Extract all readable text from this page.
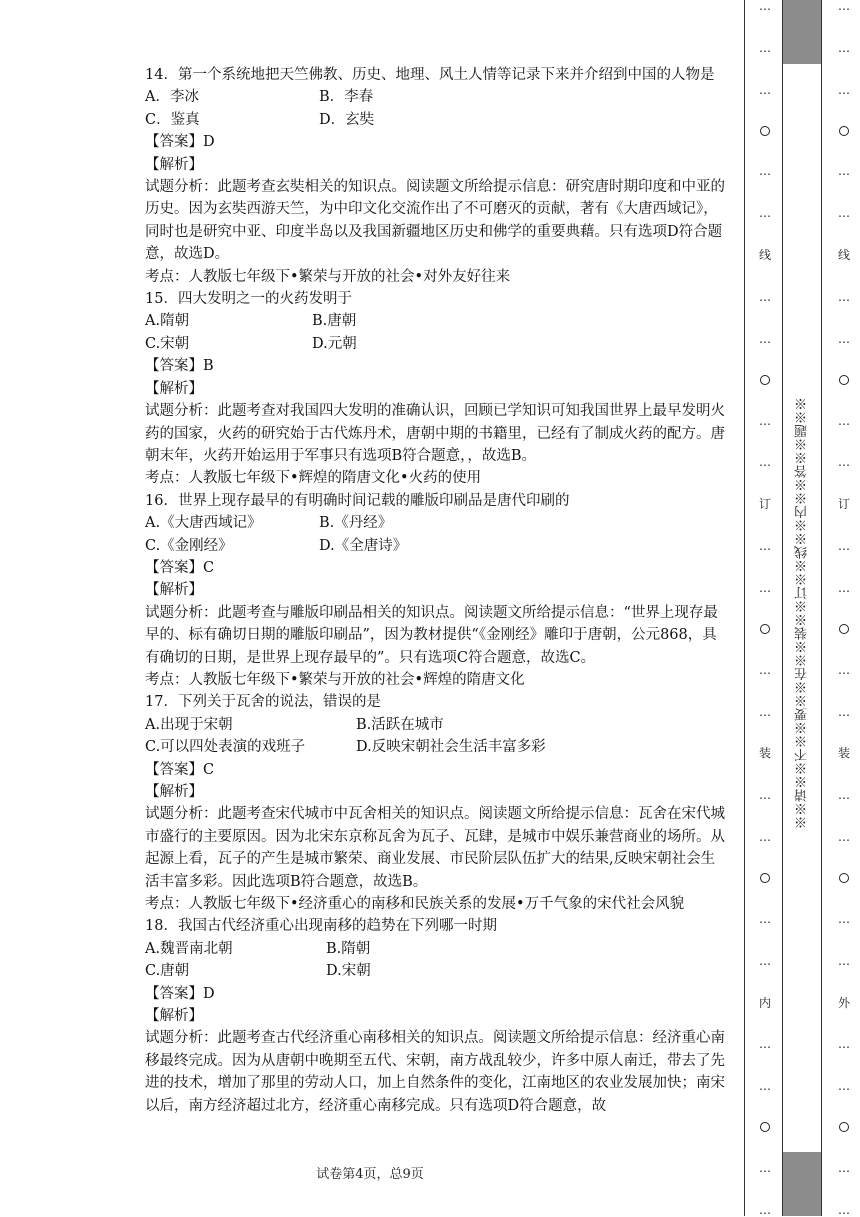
14．第一个系统地把天竺佛教、历史、地理、风土人情等记录下来并介绍到中国的人物是

A．李冰	B．李春
C．鉴真	D．玄奘

【答案】D

【解析】

试题分析：此题考查玄奘相关的知识点。阅读题文所给提示信息：研究唐时期印度和中亚的历史。因为玄奘西游天竺，为中印文化交流作出了不可磨灭的贡献，著有《大唐西域记》，同时也是研究中亚、印度半岛以及我国新疆地区历史和佛学的重要典藉。只有选项D符合题意，故选D。

考点：人教版七年级下•繁荣与开放的社会•对外友好往来

15．四大发明之一的火药发明于

A.隋朝	B.唐朝
C.宋朝	D.元朝

【答案】B

【解析】

试题分析：此题考查对我国四大发明的准确认识，回顾已学知识可知我国世界上最早发明火药的国家，火药的研究始于古代炼丹术，唐朝中期的书籍里，已经有了制成火药的配方。唐朝末年，火药开始运用于军事只有选项B符合题意，，故选B。

考点：人教版七年级下•辉煌的隋唐文化•火药的使用

16．世界上现存最早的有明确时间记载的雕版印刷品是唐代印刷的

A.《大唐西域记》	B.《丹经》
C.《金刚经》	D.《全唐诗》

【答案】C

【解析】

试题分析：此题考查与雕版印刷品相关的知识点。阅读题文所给提示信息：“世界上现存最早的、标有确切日期的雕版印刷品”，因为教材提供“《金刚经》雕印于唐朝，公元868，具有确切的日期，是世界上现存最早的”。只有选项C符合题意，故选C。

考点：人教版七年级下•繁荣与开放的社会•辉煌的隋唐文化

17．下列关于瓦舍的说法，错误的是

A.出现于宋朝	B.活跃在城市
C.可以四处表演的戏班子	D.反映宋朝社会生活丰富多彩

【答案】C

【解析】

试题分析：此题考查宋代城市中瓦舍相关的知识点。阅读题文所给提示信息：瓦舍在宋代城市盛行的主要原因。因为北宋东京称瓦舍为瓦子、瓦肆，是城市中娱乐兼营商业的场所。从起源上看，瓦子的产生是城市繁荣、商业发展、市民阶层队伍扩大的结果,反映宋朝社会生活丰富多彩。因此选项B符合题意，故选B。

考点：人教版七年级下•经济重心的南移和民族关系的发展•万千气象的宋代社会风貌

18．我国古代经济重心出现南移的趋势在下列哪一时期

A.魏晋南北朝	B.隋朝
C.唐朝	D.宋朝

【答案】D

【解析】

试题分析：此题考查古代经济重心南移相关的知识点。阅读题文所给提示信息：经济重心南移最终完成。因为从唐朝中晚期至五代、宋朝，南方战乱较少，许多中原人南迁，带去了先进的技术，增加了那里的劳动人口，加上自然条件的变化，江南地区的农业发展加快；南宋以后，南方经济超过北方，经济重心南移完成。只有选项D符合题意，故

试卷第4页，总9页
…
…
…
…
…
线
…
…
…
…
订
…
…
…
…
装
…
…
…
…
内
…
…
…
…
※※请※※不※※要※※在※※装※※订※※线※※内※※答※※题※※
…
…
…
…
…
线
…
…
…
…
订
…
…
…
…
装
…
…
…
…
外
…
…
…
…
